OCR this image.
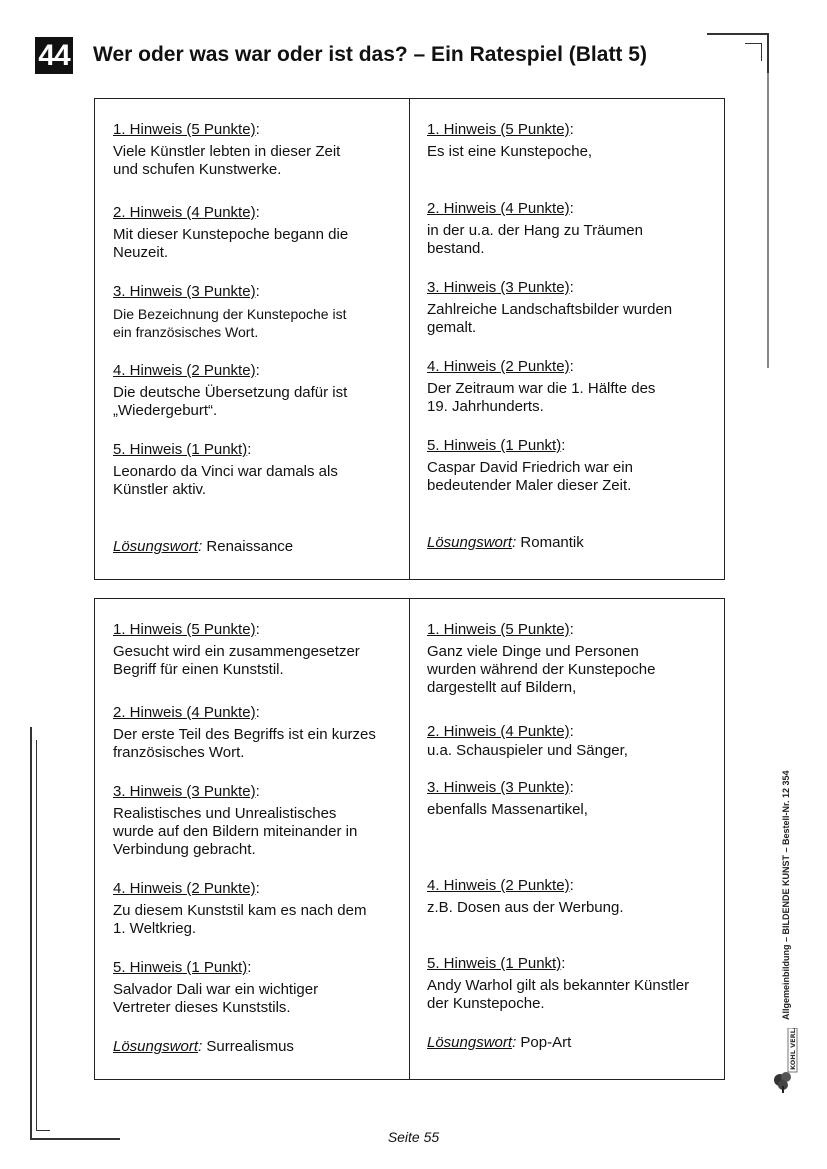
44 Wer oder was war oder ist das? – Ein Ratespiel (Blatt 5)
1. Hinweis (5 Punkte):
Viele Künstler lebten in dieser Zeit
und schufen Kunstwerke.
2. Hinweis (4 Punkte):
Mit dieser Kunstepoche begann die
Neuzeit.
3. Hinweis (3 Punkte):
Die Bezeichnung der Kunstepoche ist
ein französisches Wort.
4. Hinweis (2 Punkte):
Die deutsche Übersetzung dafür ist
„Wiedergeburt“.
5. Hinweis (1 Punkt):
Leonardo da Vinci war damals als
Künstler aktiv.
Lösungswort: Renaissance
1. Hinweis (5 Punkte):
Es ist eine Kunstepoche,
2. Hinweis (4 Punkte):
in der u.a. der Hang zu Träumen
bestand.
3. Hinweis (3 Punkte):
Zahlreiche Landschaftsbilder wurden
gemalt.
4. Hinweis (2 Punkte):
Der Zeitraum war die 1. Hälfte des
19. Jahrhunderts.
5. Hinweis (1 Punkt):
Caspar David Friedrich war ein
bedeutender Maler dieser Zeit.
Lösungswort: Romantik
1. Hinweis (5 Punkte):
Gesucht wird ein zusammengesetzer
Begriff für einen Kunststil.
2. Hinweis (4 Punkte):
Der erste Teil des Begriffs ist ein kurzes
französisches Wort.
3. Hinweis (3 Punkte):
Realistisches und Unrealistisches
wurde auf den Bildern miteinander in
Verbindung gebracht.
4. Hinweis (2 Punkte):
Zu diesem Kunststil kam es nach dem
1. Weltkrieg.
5. Hinweis (1 Punkt):
Salvador Dali war ein wichtiger
Vertreter dieses Kunststils.
Lösungswort: Surrealismus
1. Hinweis (5 Punkte):
Ganz viele Dinge und Personen
wurden während der Kunstepoche
dargestellt auf Bildern,
2. Hinweis (4 Punkte):
u.a. Schauspieler und Sänger,
3. Hinweis (3 Punkte):
ebenfalls Massenartikel,
4. Hinweis (2 Punkte):
z.B. Dosen aus der Werbung.
5. Hinweis (1 Punkt):
Andy Warhol gilt als bekannter Künstler
der Kunstepoche.
Lösungswort: Pop-Art
Allgemeinbildung – BILDENDE KUNST – Bestell-Nr. 12 354
KOHL VERLAG
Seite 55
